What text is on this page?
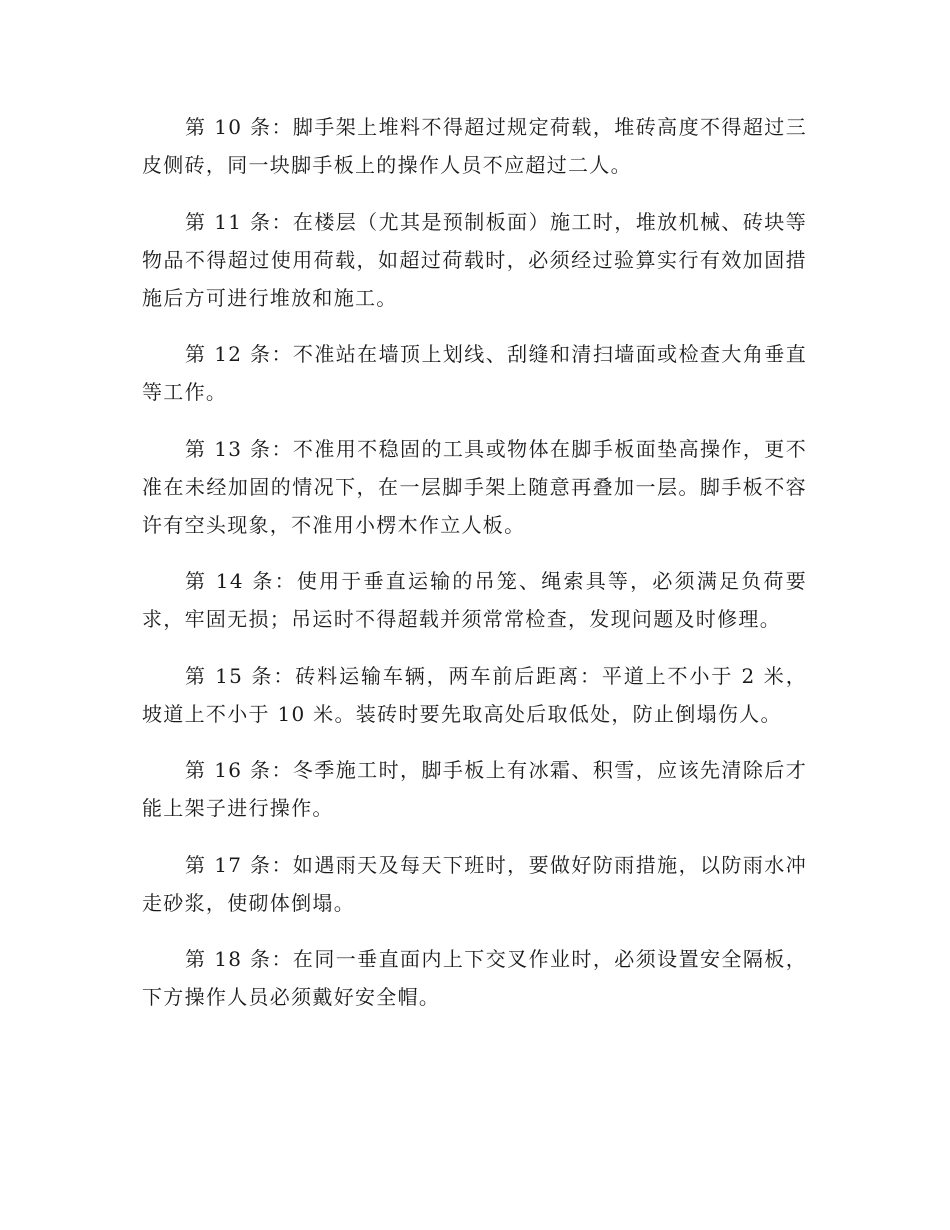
第 10 条：脚手架上堆料不得超过规定荷载，堆砖高度不得超过三皮侧砖，同一块脚手板上的操作人员不应超过二人。

第 11 条：在楼层（尤其是预制板面）施工时，堆放机械、砖块等物品不得超过使用荷载，如超过荷载时，必须经过验算实行有效加固措施后方可进行堆放和施工。

第 12 条：不准站在墙顶上划线、刮缝和清扫墙面或检查大角垂直等工作。

第 13 条：不准用不稳固的工具或物体在脚手板面垫高操作，更不准在未经加固的情况下，在一层脚手架上随意再叠加一层。脚手板不容许有空头现象，不准用小楞木作立人板。

第 14 条：使用于垂直运输的吊笼、绳索具等，必须满足负荷要求，牢固无损；吊运时不得超载并须常常检查，发现问题及时修理。

第 15 条：砖料运输车辆，两车前后距离：平道上不小于 2 米，坡道上不小于 10 米。装砖时要先取高处后取低处，防止倒塌伤人。

第 16 条：冬季施工时，脚手板上有冰霜、积雪，应该先清除后才能上架子进行操作。

第 17 条：如遇雨天及每天下班时，要做好防雨措施，以防雨水冲走砂浆，使砌体倒塌。

第 18 条：在同一垂直面内上下交叉作业时，必须设置安全隔板，下方操作人员必须戴好安全帽。
